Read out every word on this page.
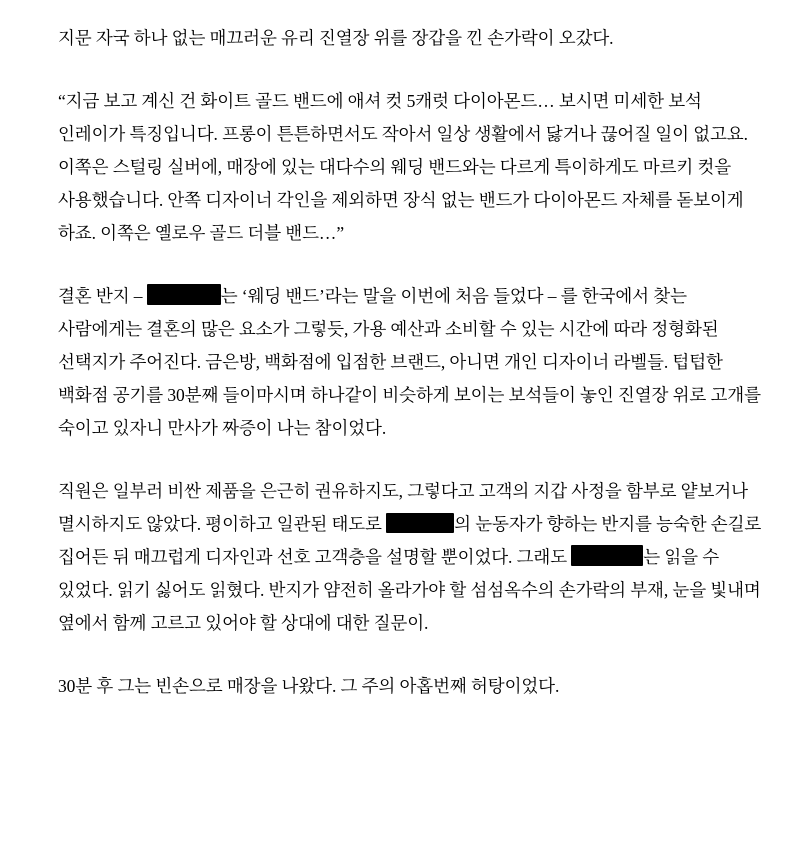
지문 자국 하나 없는 매끄러운 유리 진열장 위를 장갑을 낀 손가락이 오갔다.

“지금 보고 계신 건 화이트 골드 밴드에 애셔 컷 5캐럿 다이아몬드… 보시면 미세한 보석 인레이가 특징입니다. 프롱이 튼튼하면서도 작아서 일상 생활에서 닳거나 끊어질 일이 없고요. 이쪽은 스털링 실버에, 매장에 있는 대다수의 웨딩 밴드와는 다르게 특이하게도 마르키 컷을 사용했습니다. 안쪽 디자이너 각인을 제외하면 장식 없는 밴드가 다이아몬드 자체를 돋보이게 하죠. 이쪽은 옐로우 골드 더블 밴드…”

결혼 반지 –	는 ‘웨딩 밴드’라는 말을 이번에 처음 들었다 – 를 한국에서 찾는 사람에게는 결혼의 많은 요소가 그렇듯, 가용 예산과 소비할 수 있는 시간에 따라 정형화된 선택지가 주어진다. 금은방, 백화점에 입점한 브랜드, 아니면 개인 디자이너 라벨들. 텁텁한 백화점 공기를 30분째 들이마시며 하나같이 비슷하게 보이는 보석들이 놓인 진열장 위로 고개를 숙이고 있자니 만사가 짜증이 나는 참이었다.

직원은 일부러 비싼 제품을 은근히 권유하지도, 그렇다고 고객의 지갑 사정을 함부로 얕보거나 멸시하지도 않았다. 평이하고 일관된 태도로	의 눈동자가 향하는 반지를 능숙한 손길로 집어든 뒤 매끄럽게 디자인과 선호 고객층을 설명할 뿐이었다. 그래도	는 읽을 수 있었다. 읽기 싫어도 읽혔다. 반지가 얌전히 올라가야 할 섬섬옥수의 손가락의 부재, 눈을 빛내며 옆에서 함께 고르고 있어야 할 상대에 대한 질문이.

30분 후 그는 빈손으로 매장을 나왔다. 그 주의 아홉번째 허탕이었다.
